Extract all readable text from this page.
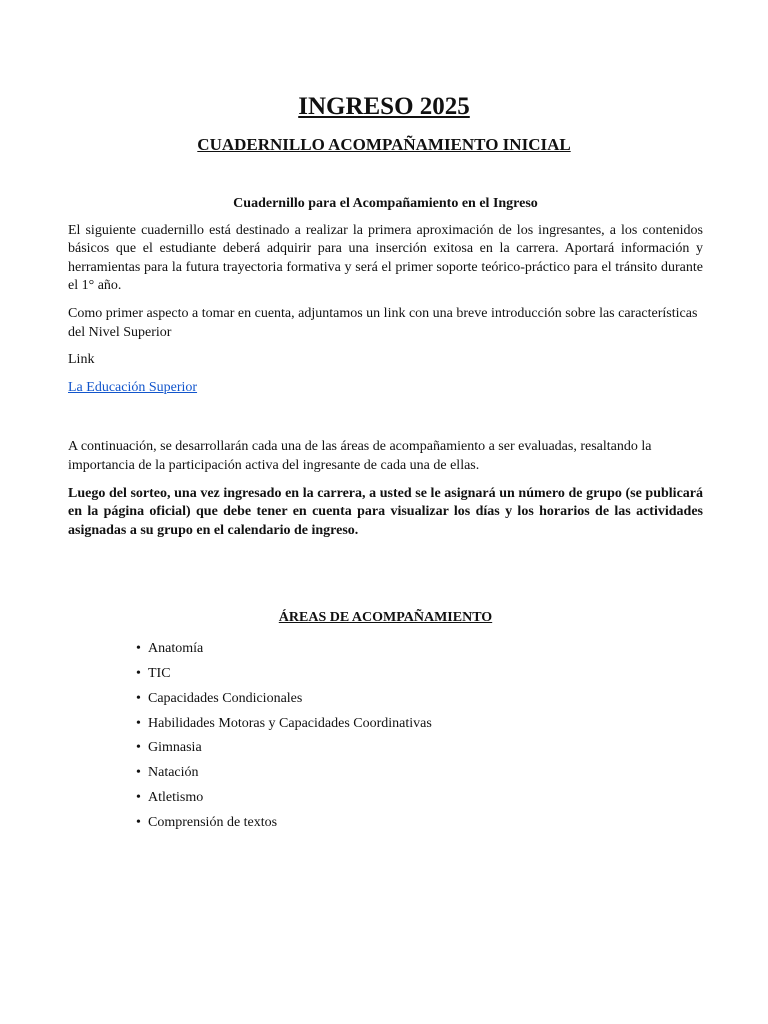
INGRESO 2025
CUADERNILLO ACOMPAÑAMIENTO INICIAL
Cuadernillo para el Acompañamiento en el Ingreso

El siguiente cuadernillo está destinado a realizar la primera aproximación de los ingresantes, a los contenidos básicos que el estudiante deberá adquirir para una inserción exitosa en la carrera. Aportará información y herramientas para la futura trayectoria formativa y será el primer soporte teórico-práctico para el tránsito durante el 1° año.

Como primer aspecto a tomar en cuenta, adjuntamos un link con una breve introducción sobre las características del Nivel Superior

Link

La Educación Superior

A continuación, se desarrollarán cada una de las áreas de acompañamiento a ser evaluadas, resaltando la importancia de la participación activa del ingresante de cada una de ellas.

Luego del sorteo, una vez ingresado en la carrera, a usted se le asignará un número de grupo (se publicará en la página oficial) que debe tener en cuenta para visualizar los días y los horarios de las actividades asignadas a su grupo en el calendario de ingreso.

ÁREAS DE ACOMPAÑAMIENTO
• Anatomía
• TIC
• Capacidades Condicionales
• Habilidades Motoras y Capacidades Coordinativas
• Gimnasia
• Natación
• Atletismo
• Comprensión de textos
